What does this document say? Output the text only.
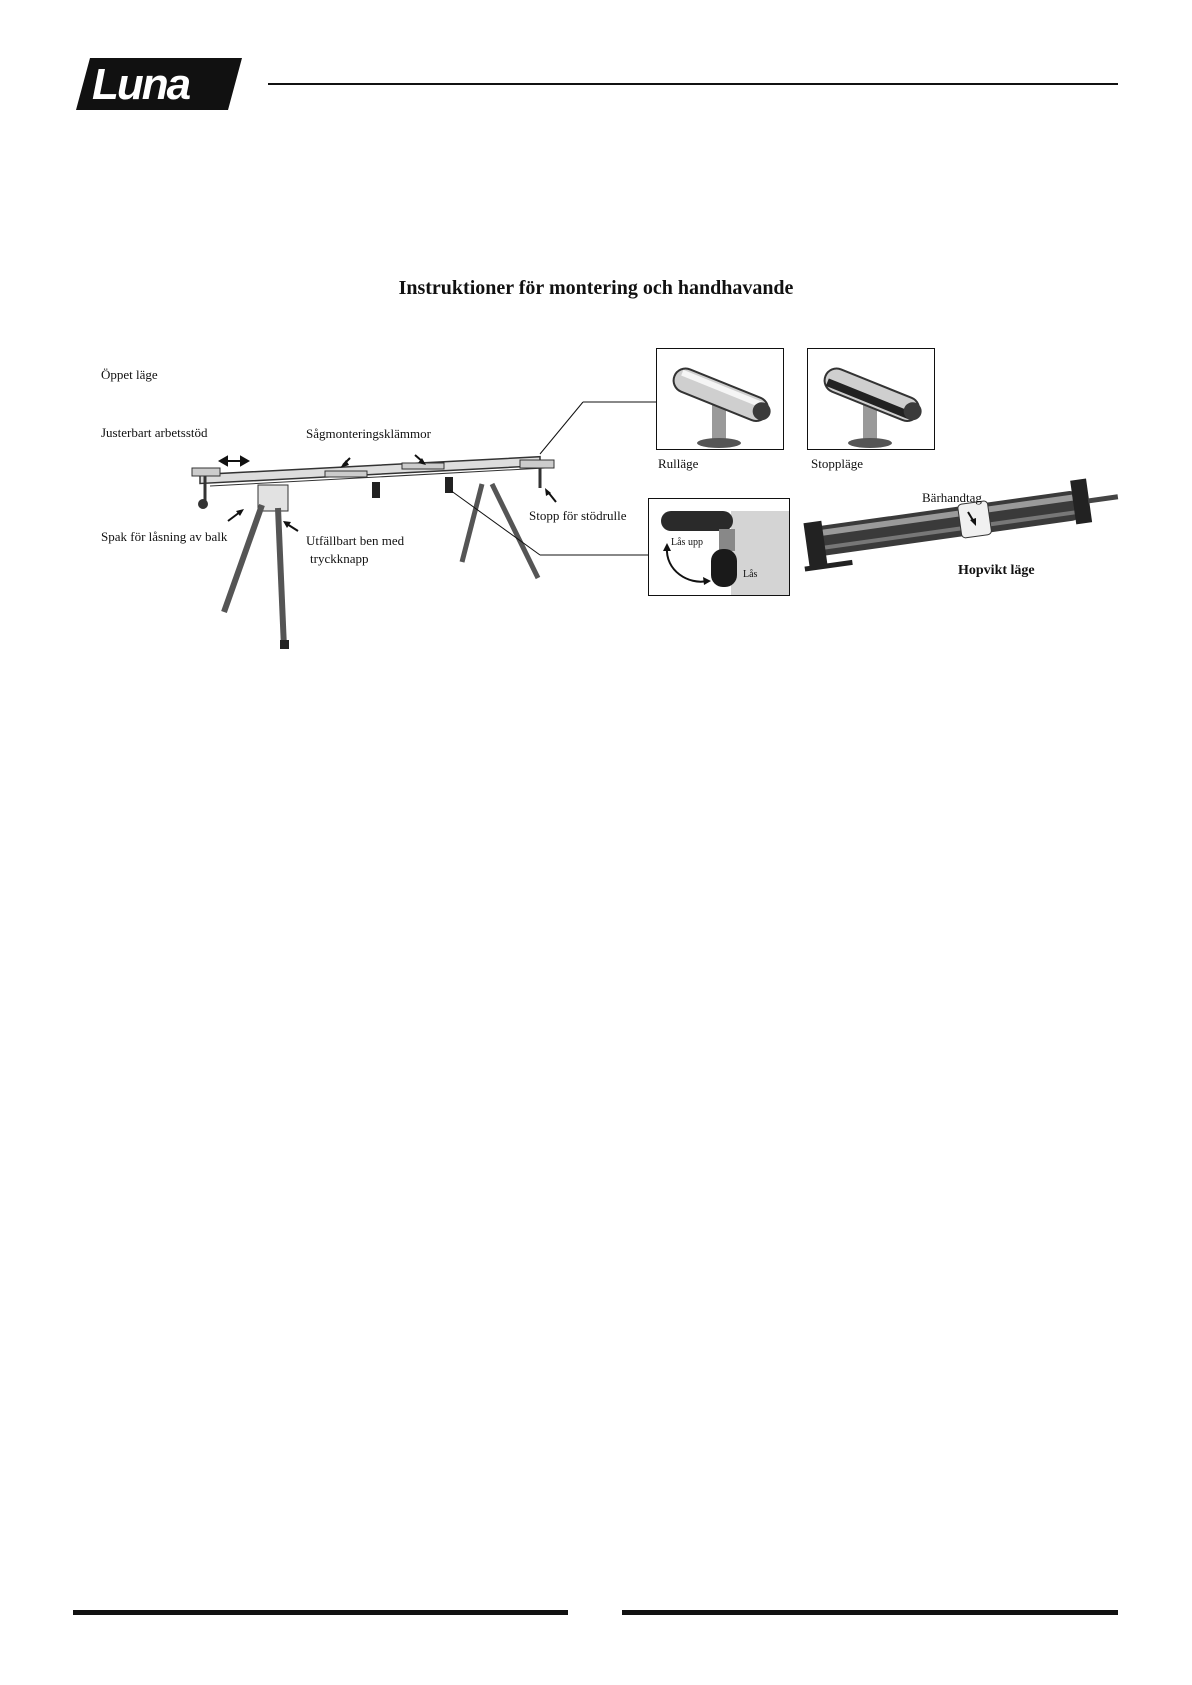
Luna
Instruktioner för montering och handhavande
Öppet läge
Justerbart arbetsstöd	Sågmonteringsklämmor
Spak för låsning av balk	Utfällbart ben med
tryckknapp
Stopp för stödrulle
Rulläge	Stoppläge
Lås upp
Lås
Bärhandtag
Hopvikt läge
